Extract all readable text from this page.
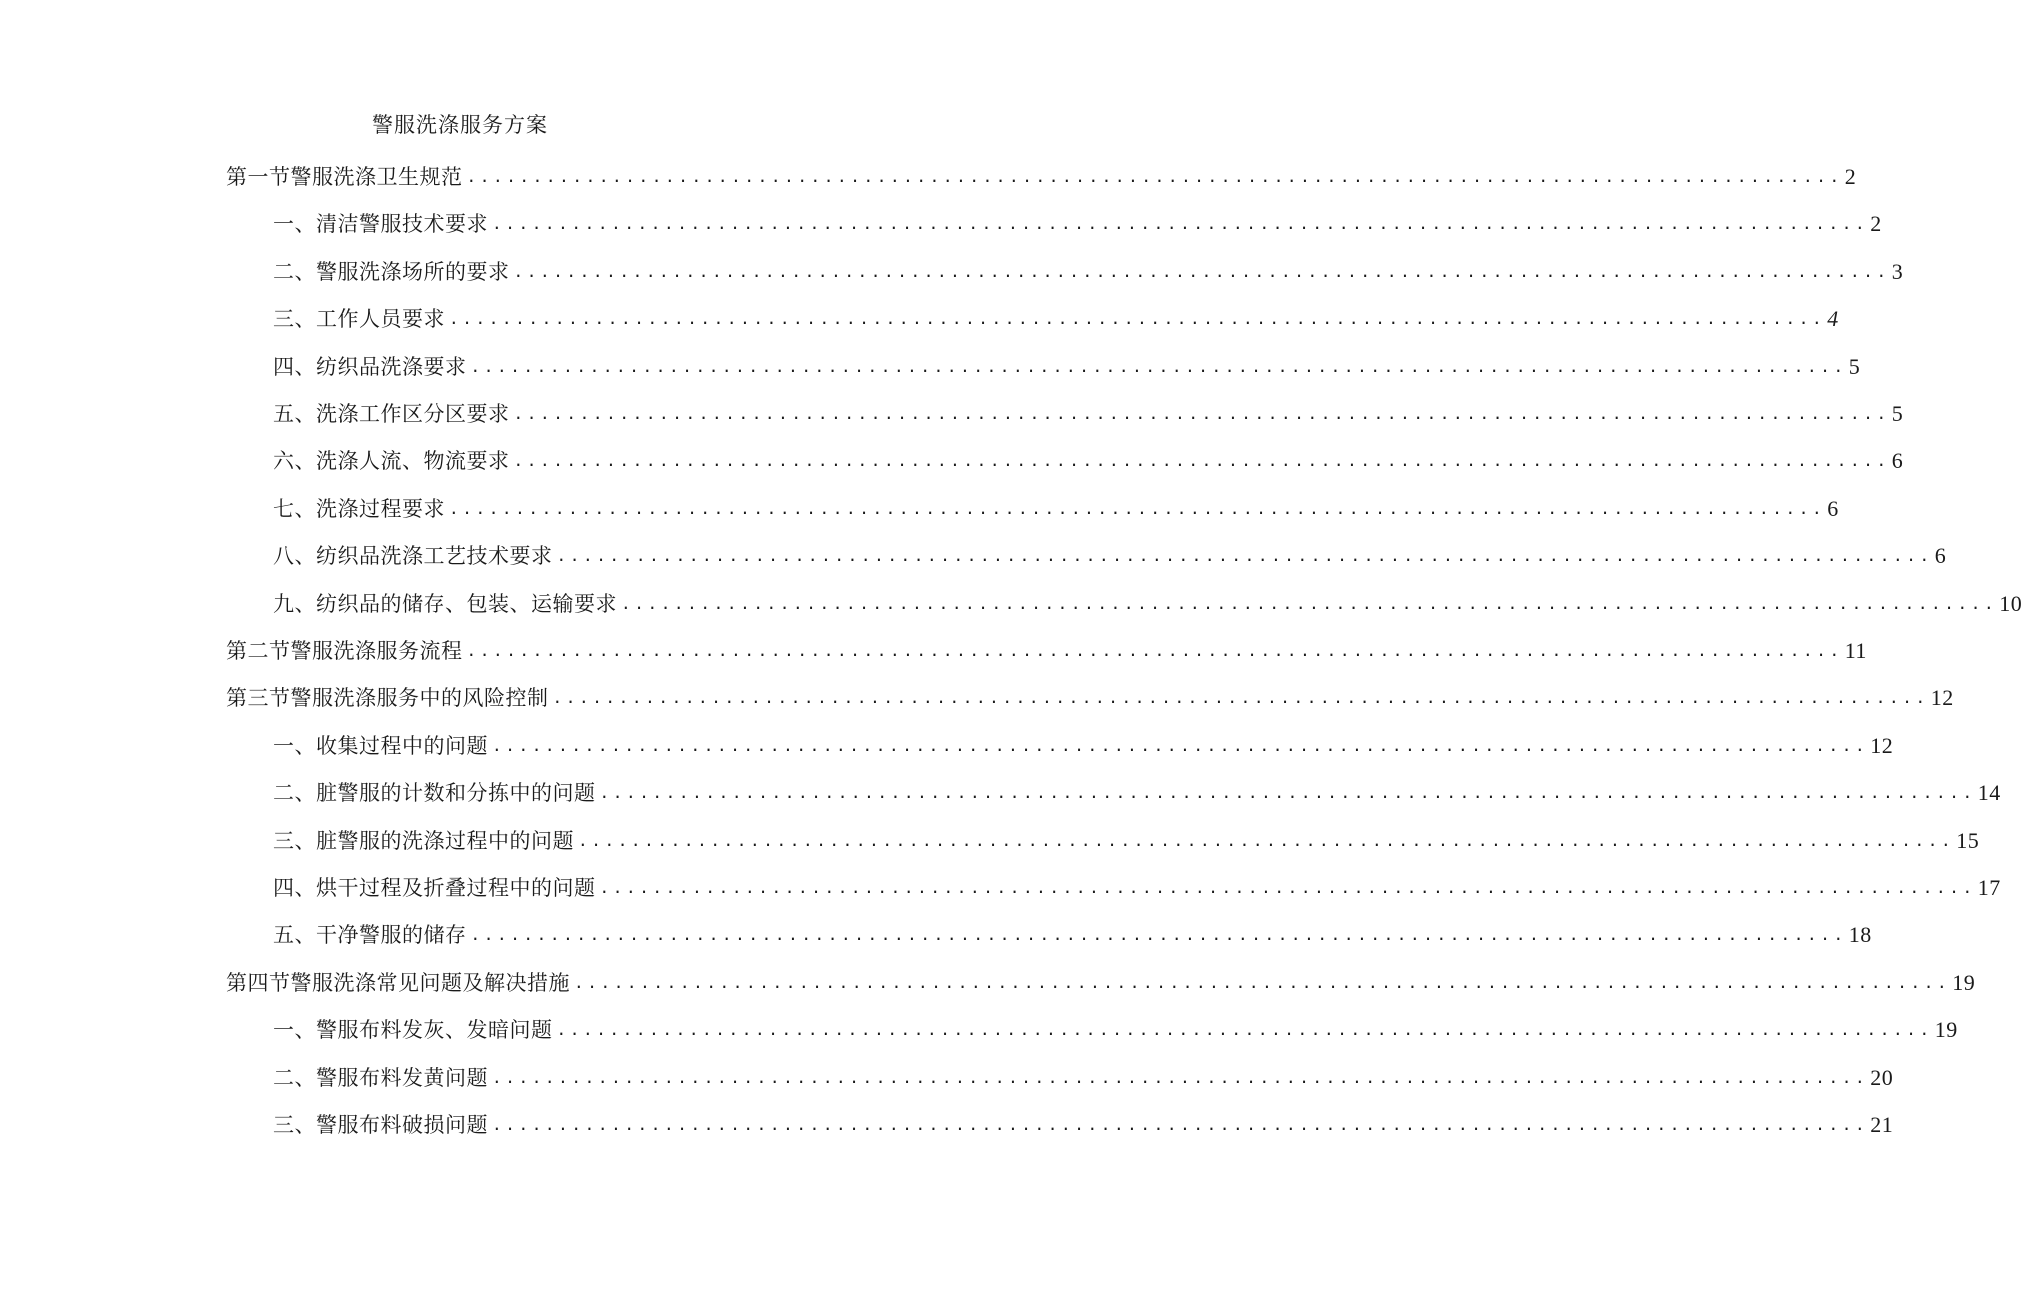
警服洗涤服务方案
第一节警服洗涤卫生规范 ........................................................................................................ 2
一、清洁警服技术要求 ........................................................................................................ 2
二、警服洗涤场所的要求 ........................................................................................................ 3
三、工作人员要求 ........................................................................................................ 4
四、纺织品洗涤要求 ........................................................................................................ 5
五、洗涤工作区分区要求 ........................................................................................................ 5
六、洗涤人流、物流要求 ........................................................................................................ 6
七、洗涤过程要求 ........................................................................................................ 6
八、纺织品洗涤工艺技术要求 ........................................................................................................ 6
九、纺织品的储存、包装、运输要求 ........................................................................................................ 10
第二节警服洗涤服务流程 ........................................................................................................ 11
第三节警服洗涤服务中的风险控制 ........................................................................................................ 12
一、收集过程中的问题 ........................................................................................................ 12
二、脏警服的计数和分拣中的问题 ........................................................................................................ 14
三、脏警服的洗涤过程中的问题 ........................................................................................................ 15
四、烘干过程及折叠过程中的问题 ........................................................................................................ 17
五、干净警服的储存 ........................................................................................................ 18
第四节警服洗涤常见问题及解决措施 ........................................................................................................ 19
一、警服布料发灰、发暗问题 ........................................................................................................ 19
二、警服布料发黄问题 ........................................................................................................ 20
三、警服布料破损问题 ........................................................................................................ 21
